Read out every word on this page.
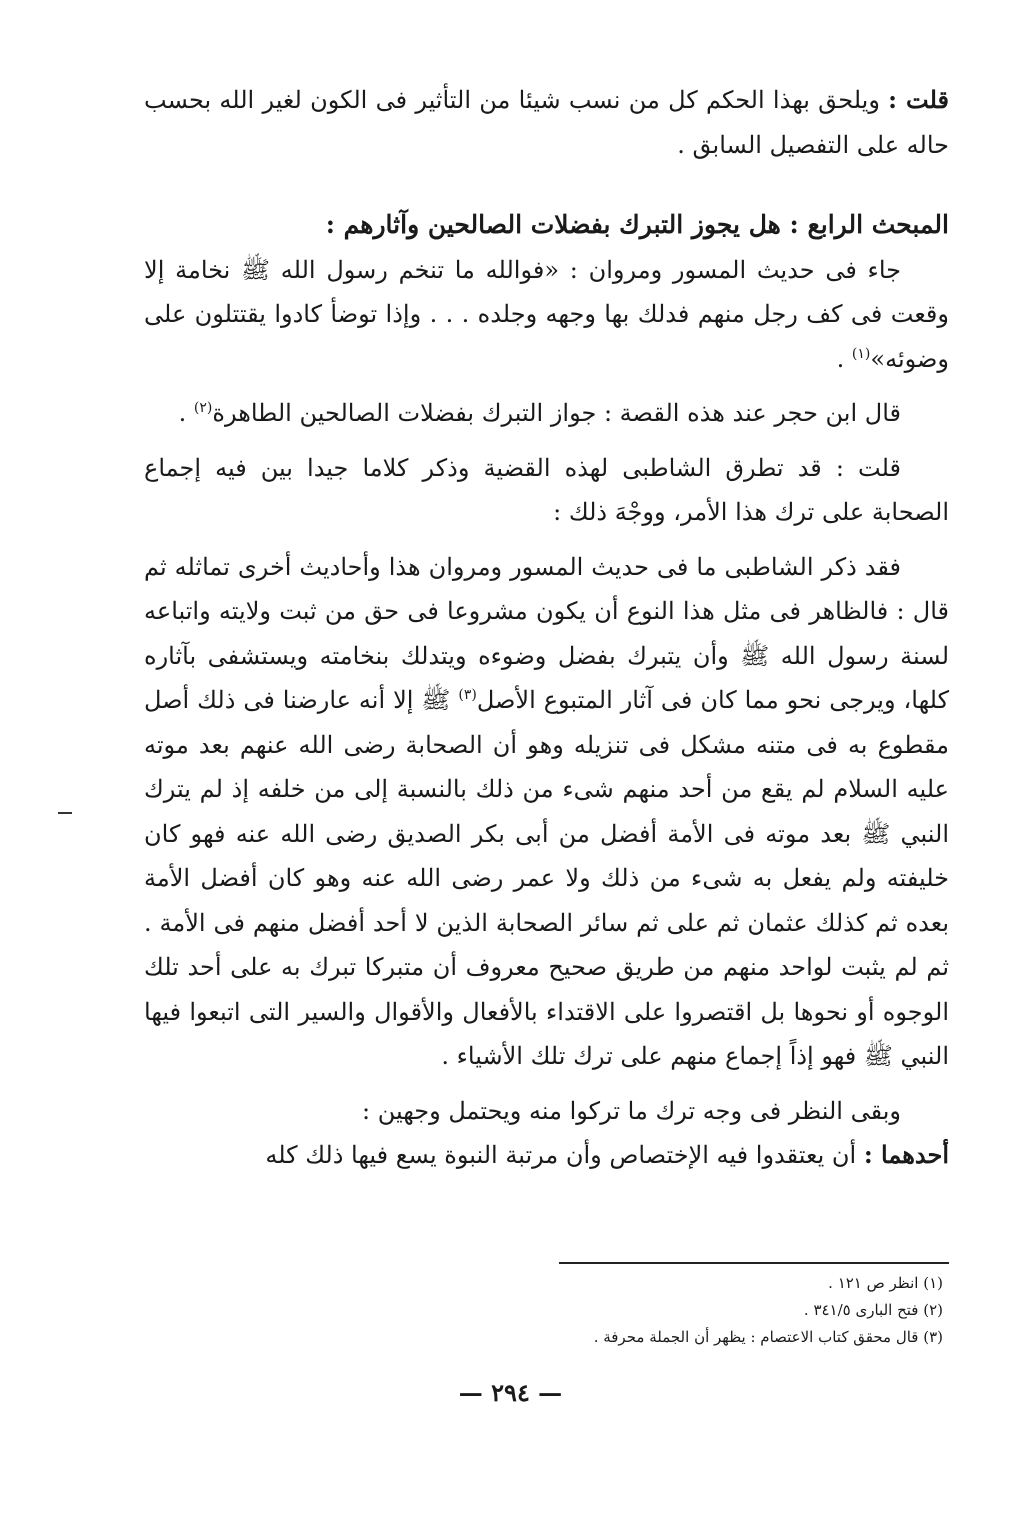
قلت : ويلحق بهذا الحكم كل من نسب شيئا من التأثير فى الكون لغير الله بحسب حاله على التفصيل السابق .

المبحث الرابع : هل يجوز التبرك بفضلات الصالحين وآثارهم :

جاء فى حديث المسور ومروان : «فوالله ما تنخم رسول الله ﷺ نخامة إلا وقعت فى كف رجل منهم فدلك بها وجهه وجلده . . . وإذا توضأ كادوا يقتتلون على وضوئه»$^{(١)}$ .

قال ابن حجر عند هذه القصة : جواز التبرك بفضلات الصالحين الطاهرة$^{(٢)}$ .

قلت : قد تطرق الشاطبى لهذه القضية وذكر كلاما جيدا بين فيه إجماع الصحابة على ترك هذا الأمر، ووجْهَ ذلك :

فقد ذكر الشاطبى ما فى حديث المسور ومروان هذا وأحاديث أخرى تماثله ثم قال : فالظاهر فى مثل هذا النوع أن يكون مشروعا فى حق من ثبت ولايته واتباعه لسنة رسول الله ﷺ وأن يتبرك بفضل وضوءه ويتدلك بنخامته ويستشفى بآثاره كلها، ويرجى نحو مما كان فى آثار المتبوع الأصل$^{(٣)}$ ﷺ إلا أنه عارضنا فى ذلك أصل مقطوع به فى متنه مشكل فى تنزيله وهو أن الصحابة رضى الله عنهم بعد موته عليه السلام لم يقع من أحد منهم شىء من ذلك بالنسبة إلى من خلفه إذ لم يترك النبي ﷺ بعد موته فى الأمة أفضل من أبى بكر الصديق رضى الله عنه فهو كان خليفته ولم يفعل به شىء من ذلك ولا عمر رضى الله عنه وهو كان أفضل الأمة بعده ثم كذلك عثمان ثم على ثم سائر الصحابة الذين لا أحد أفضل منهم فى الأمة . ثم لم يثبت لواحد منهم من طريق صحيح معروف أن متبركا تبرك به على أحد تلك الوجوه أو نحوها بل اقتصروا على الاقتداء بالأفعال والأقوال والسير التى اتبعوا فيها النبي ﷺ فهو إذاً إجماع منهم على ترك تلك الأشياء .

وبقى النظر فى وجه ترك ما تركوا منه ويحتمل وجهين :

أحدهما : أن يعتقدوا فيه الإختصاص وأن مرتبة النبوة يسع فيها ذلك كله

(١) انظر ص ١٢١ .
(٢) فتح البارى ٣٤١/٥ .
(٣) قال محقق كتاب الاعتصام : يظهر أن الجملة محرفة .
— ٢٩٤ —
